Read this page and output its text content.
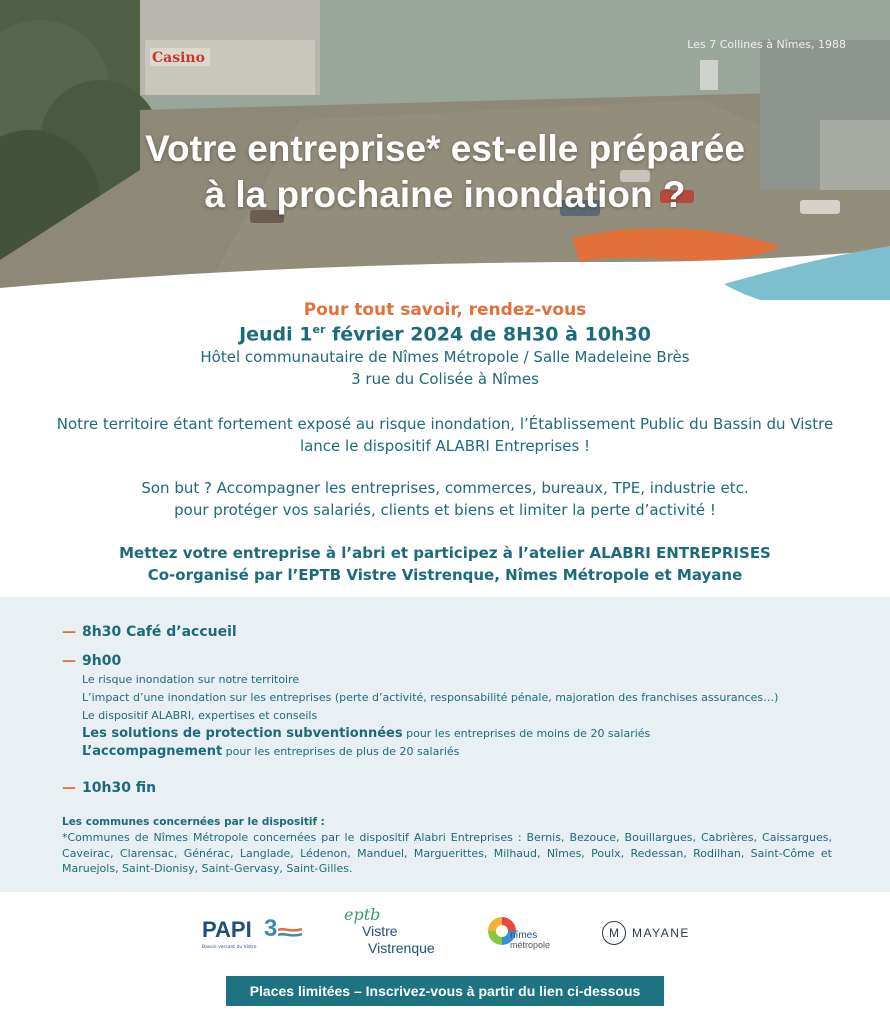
Casino
Les 7 Collines à Nîmes, 1988
Votre entreprise* est-elle préparée
à la prochaine inondation ?
Pour tout savoir, rendez-vous
Jeudi 1er février 2024 de 8H30 à 10h30
Hôtel communautaire de Nîmes Métropole / Salle Madeleine Brès
3 rue du Colisée à Nîmes
Notre territoire étant fortement exposé au risque inondation, l’Établissement Public du Bassin du Vistre
lance le dispositif ALABRI Entreprises !
Son but ? Accompagner les entreprises, commerces, bureaux, TPE, industrie etc.
pour protéger vos salariés, clients et biens et limiter la perte d’activité !
Mettez votre entreprise à l’abri et participez à l’atelier ALABRI ENTREPRISES
Co-organisé par l’EPTB Vistre Vistrenque, Nîmes Métropole et Mayane
— 8h30 Café d’accueil
— 9h00
Le risque inondation sur notre territoire
L’impact d’une inondation sur les entreprises (perte d’activité, responsabilité pénale, majoration des franchises assurances…)
Le dispositif ALABRI, expertises et conseils
Les solutions de protection subventionnées pour les entreprises de moins de 20 salariés
L’accompagnement pour les entreprises de plus de 20 salariés
— 10h30 fin
Les communes concernées par le dispositif :
*Communes de Nîmes Métropole concernées par le dispositif Alabri Entreprises : Bernis, Bezouce, Bouillargues, Cabrières, Caissargues, Caveirac, Clarensac, Générac, Langlade, Lédenon, Manduel, Marguerittes, Milhaud, Nîmes, Poulx, Redessan, Rodilhan, Saint-Côme et Maruejols, Saint-Dionisy, Saint-Gervasy, Saint-Gilles.
PAPI 3
Bassin versant du Vistre
eptb
Vistre
Vistrenque
nîmes
métropole
M	MAYANE
Places limitées – Inscrivez-vous à partir du lien ci-dessous
